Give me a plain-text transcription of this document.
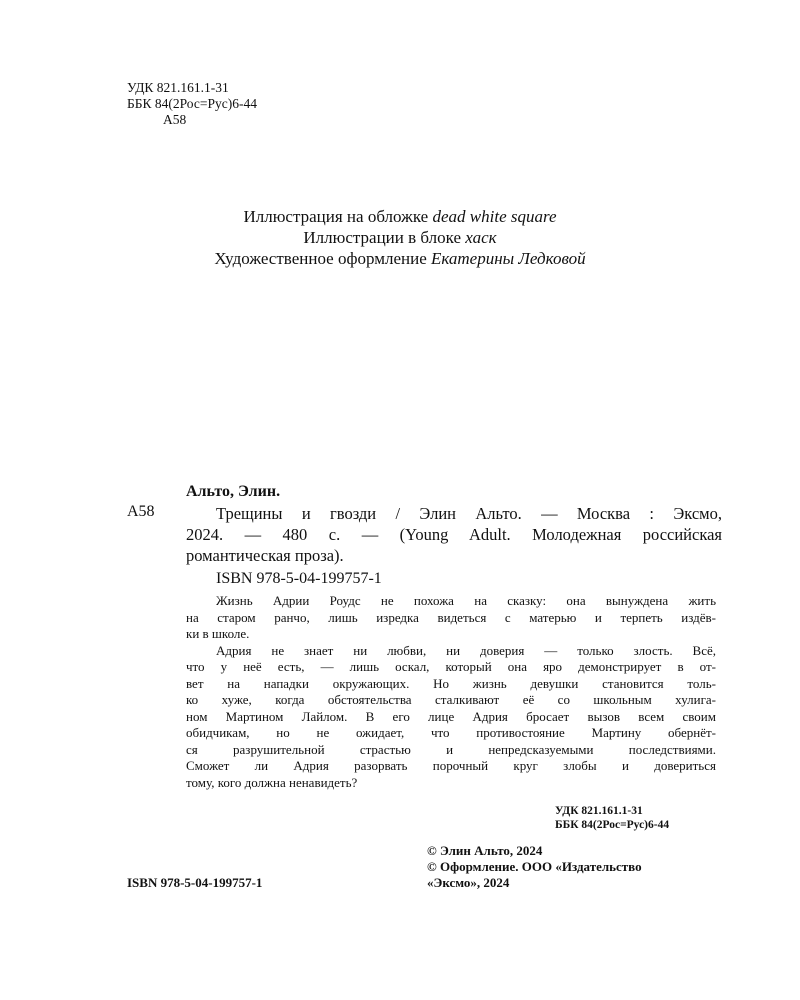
УДК 821.161.1-31
ББК 84(2Рос=Рус)6-44
А58
Иллюстрация на обложке dead white square
Иллюстрации в блоке хаск
Художественное оформление Екатерины Ледковой
Альто, Элин.
А58	Трещины и гвозди / Элин Альто. — Москва : Эксмо,
2024. — 480 с. — (Young Adult. Молодежная российская
романтическая проза).
ISBN 978-5-04-199757-1
Жизнь Адрии Роудс не похожа на сказку: она вынуждена жить
на старом ранчо, лишь изредка видеться с матерью и терпеть издёв-
ки в школе.
Адрия не знает ни любви, ни доверия — только злость. Всё,
что у неё есть, — лишь оскал, который она яро демонстрирует в от-
вет на нападки окружающих. Но жизнь девушки становится толь-
ко хуже, когда обстоятельства сталкивают её со школьным хулига-
ном Мартином Лайлом. В его лице Адрия бросает вызов всем своим
обидчикам, но не ожидает, что противостояние Мартину обернёт-
ся разрушительной страстью и непредсказуемыми последствиями.
Сможет ли Адрия разорвать порочный круг злобы и довериться
тому, кого должна ненавидеть?
УДК 821.161.1-31
ББК 84(2Рос=Рус)6-44
© Элин Альто, 2024
© Оформление. ООО «Издательство
«Эксмо», 2024
ISBN 978-5-04-199757-1
